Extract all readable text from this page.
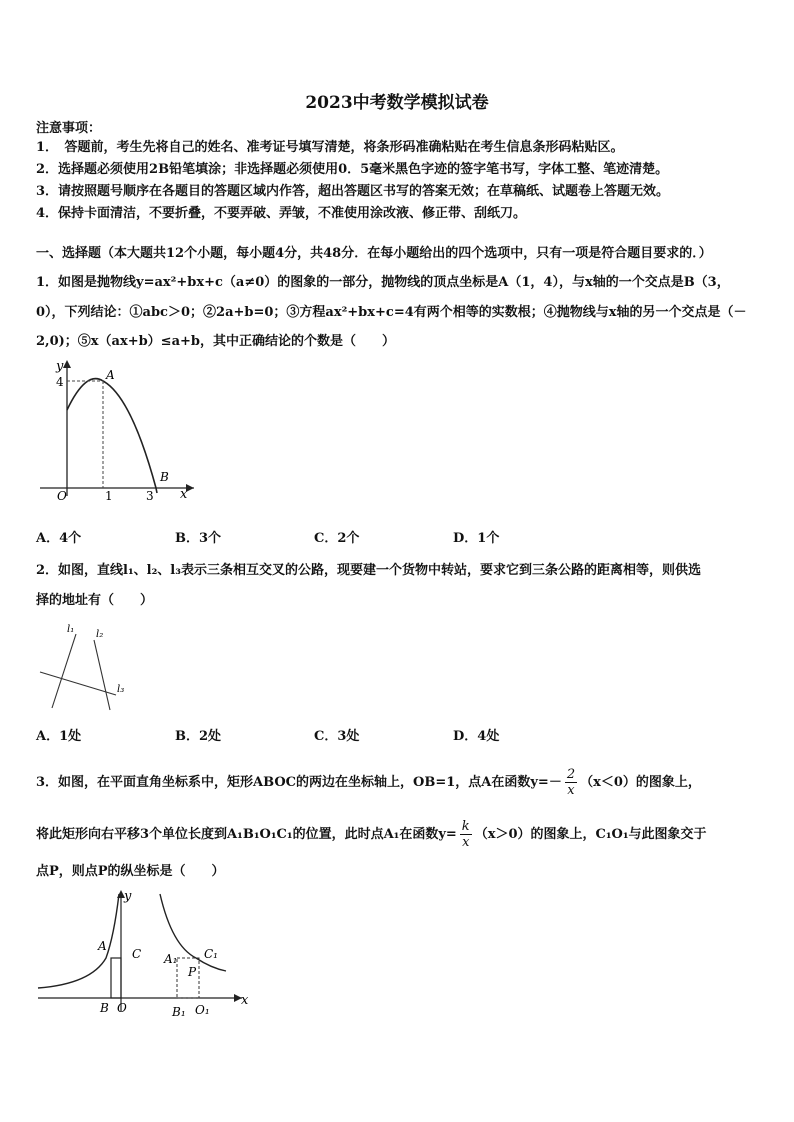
2023中考数学模拟试卷
注意事项：
1．　答题前，考生先将自己的姓名、准考证号填写清楚，将条形码准确粘贴在考生信息条形码粘贴区。
2．选择题必须使用2B铅笔填涂；非选择题必须使用0．5毫米黑色字迹的签字笔书写，字体工整、笔迹清楚。
3．请按照题号顺序在各题目的答题区域内作答，超出答题区书写的答案无效；在草稿纸、试题卷上答题无效。
4．保持卡面清洁，不要折叠，不要弄破、弄皱，不准使用涂改液、修正带、刮纸刀。
一、选择题（本大题共12个小题，每小题4分，共48分．在每小题给出的四个选项中，只有一项是符合题目要求的．）
1．如图是抛物线y=ax²+bx+c（a≠0）的图象的一部分，抛物线的顶点坐标是A（1，4），与x轴的一个交点是B（3，
0），下列结论：①abc＞0；②2a+b=0；③方程ax²+bx+c=4有两个相等的实数根；④抛物线与x轴的另一个交点是（－
2,0)；⑤x（ax+b）≤a+b，其中正确结论的个数是（　　）
y
4	A
B
O	1	3 x
A．4个	B．3个	C．2个	D．1个
2．如图，直线l₁、l₂、l₃表示三条相互交叉的公路，现要建一个货物中转站，要求它到三条公路的距离相等，则供选
择的地址有（　　）
l₁ l₂
l₃
A．1处	B．2处	C．3处	D．4处
3．如图，在平面直角坐标系中，矩形ABOC的两边在坐标轴上，OB=1，点A在函数$y=- \frac{2}{x} (x<0)$的图象上，
将此矩形向右平移3个单位长度到A₁B₁O₁C₁的位置，此时点A₁在函数$y= \frac{k}{x} (x>0)$的图象上，C₁O₁与此图象交于
点P，则点P的纵坐标是（　　）
A
C
B O
y
x
A₁ C₁
P
B₁ O₁
